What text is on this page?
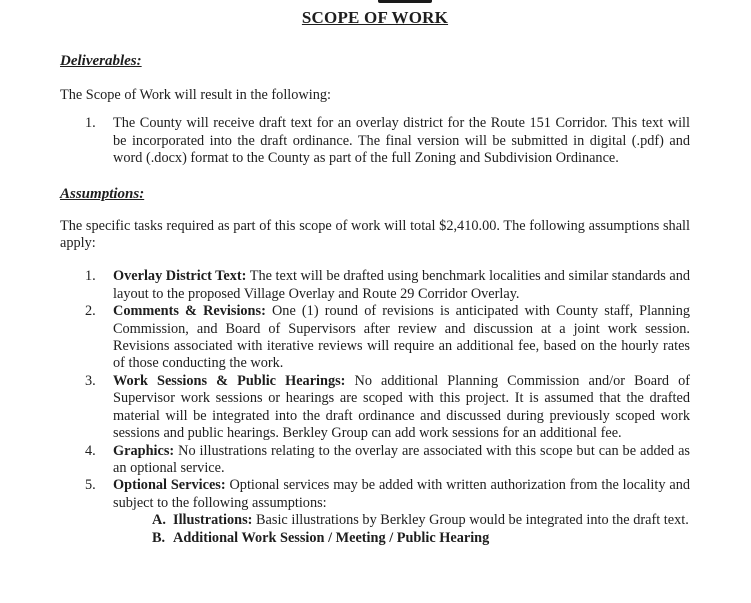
SCOPE OF WORK
Deliverables:

The Scope of Work will result in the following:

1. The County will receive draft text for an overlay district for the Route 151 Corridor. This text will be incorporated into the draft ordinance. The final version will be submitted in digital (.pdf) and word (.docx) format to the County as part of the full Zoning and Subdivision Ordinance.
Assumptions:

The specific tasks required as part of this scope of work will total $2,410.00. The following assumptions shall apply:

1. Overlay District Text: The text will be drafted using benchmark localities and similar standards and layout to the proposed Village Overlay and Route 29 Corridor Overlay.
2. Comments & Revisions: One (1) round of revisions is anticipated with County staff, Planning Commission, and Board of Supervisors after review and discussion at a joint work session. Revisions associated with iterative reviews will require an additional fee, based on the hourly rates of those conducting the work.
3. Work Sessions & Public Hearings: No additional Planning Commission and/or Board of Supervisor work sessions or hearings are scoped with this project. It is assumed that the drafted material will be integrated into the draft ordinance and discussed during previously scoped work sessions and public hearings. Berkley Group can add work sessions for an additional fee.
4. Graphics: No illustrations relating to the overlay are associated with this scope but can be added as an optional service.
5. Optional Services: Optional services may be added with written authorization from the locality and subject to the following assumptions:
A. Illustrations: Basic illustrations by Berkley Group would be integrated into the draft text.
B. Additional Work Session / Meeting / Public Hearing
